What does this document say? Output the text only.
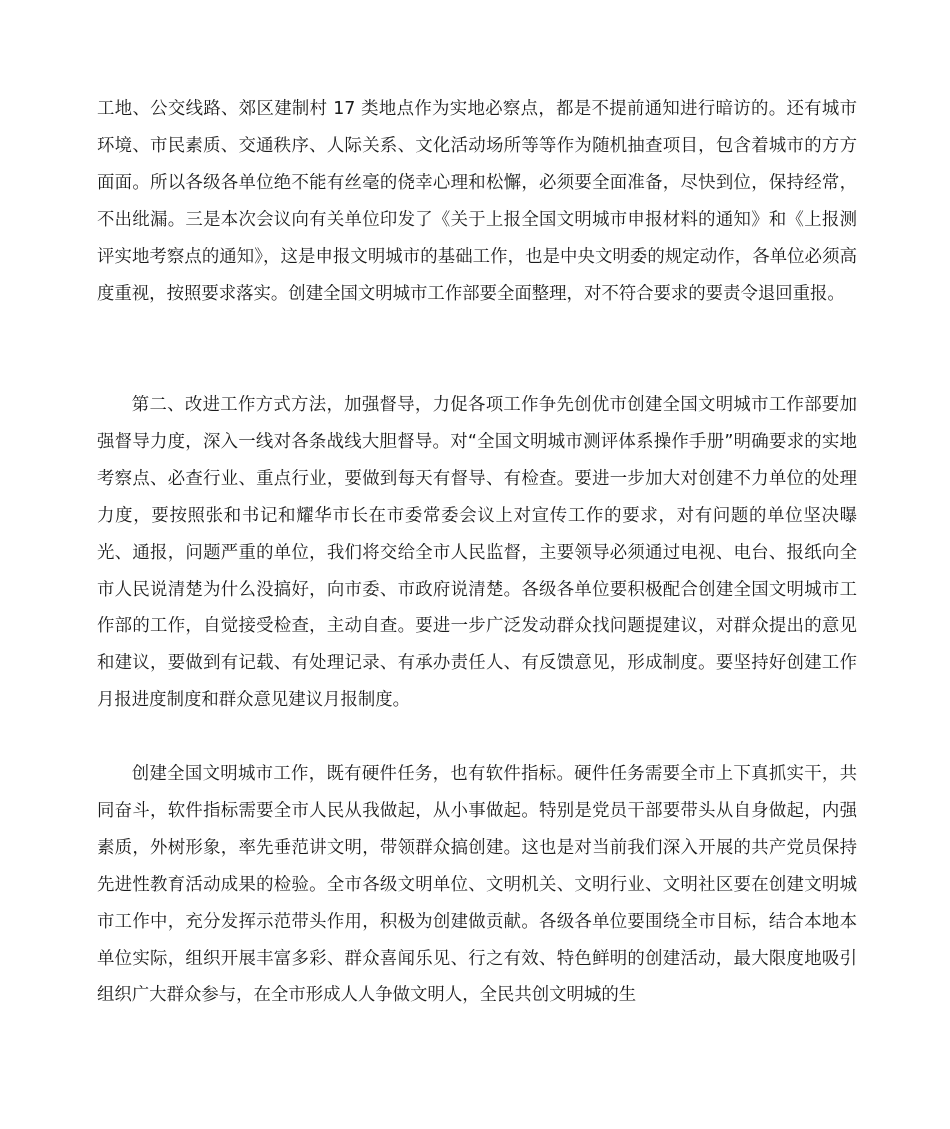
工地、公交线路、郊区建制村 17 类地点作为实地必察点，都是不提前通知进行暗访的。还有城市环境、市民素质、交通秩序、人际关系、文化活动场所等等作为随机抽查项目，包含着城市的方方面面。所以各级各单位绝不能有丝毫的侥幸心理和松懈，必须要全面准备，尽快到位，保持经常，不出纰漏。三是本次会议向有关单位印发了《关于上报全国文明城市申报材料的通知》和《上报测评实地考察点的通知》，这是申报文明城市的基础工作，也是中央文明委的规定动作，各单位必须高度重视，按照要求落实。创建全国文明城市工作部要全面整理，对不符合要求的要责令退回重报。

第二、改进工作方式方法，加强督导，力促各项工作争先创优市创建全国文明城市工作部要加强督导力度，深入一线对各条战线大胆督导。对“全国文明城市测评体系操作手册”明确要求的实地考察点、必查行业、重点行业，要做到每天有督导、有检查。要进一步加大对创建不力单位的处理力度，要按照张和书记和耀华市长在市委常委会议上对宣传工作的要求，对有问题的单位坚决曝光、通报，问题严重的单位，我们将交给全市人民监督，主要领导必须通过电视、电台、报纸向全市人民说清楚为什么没搞好，向市委、市政府说清楚。各级各单位要积极配合创建全国文明城市工作部的工作，自觉接受检查，主动自查。要进一步广泛发动群众找问题提建议，对群众提出的意见和建议，要做到有记载、有处理记录、有承办责任人、有反馈意见，形成制度。要坚持好创建工作月报进度制度和群众意见建议月报制度。

创建全国文明城市工作，既有硬件任务，也有软件指标。硬件任务需要全市上下真抓实干，共同奋斗，软件指标需要全市人民从我做起，从小事做起。特别是党员干部要带头从自身做起，内强素质，外树形象，率先垂范讲文明，带领群众搞创建。这也是对当前我们深入开展的共产党员保持先进性教育活动成果的检验。全市各级文明单位、文明机关、文明行业、文明社区要在创建文明城市工作中，充分发挥示范带头作用，积极为创建做贡献。各级各单位要围绕全市目标，结合本地本单位实际，组织开展丰富多彩、群众喜闻乐见、行之有效、特色鲜明的创建活动，最大限度地吸引组织广大群众参与，在全市形成人人争做文明人，全民共创文明城的生
